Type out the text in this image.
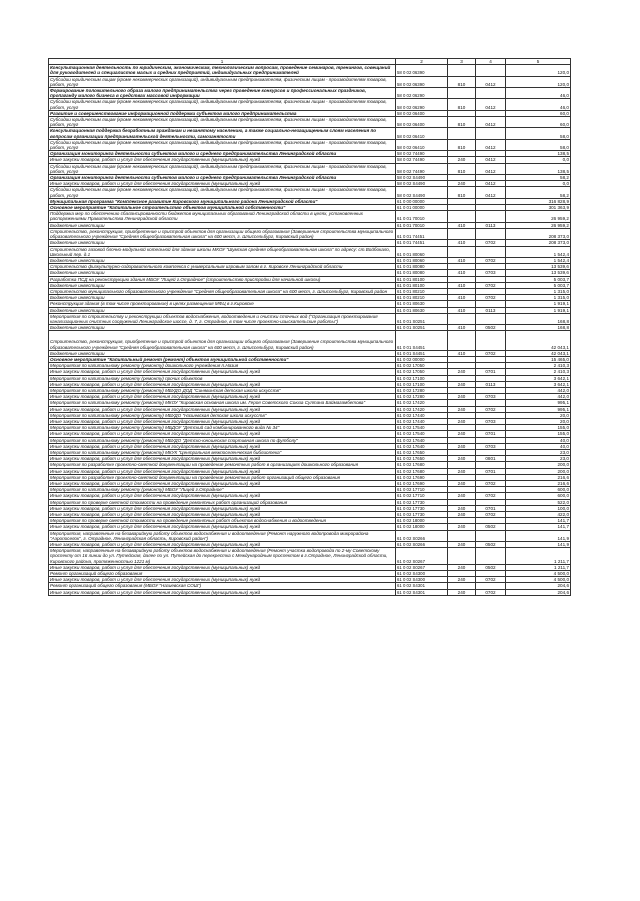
1	2	3	4	5
Консультационная деятельность по юридическим, экономическим, технологическим вопросам, проведение семинаров, тренингов, совещаний для руководителей и специалистов малых и средних предприятий, индивидуальных предпринимателей	58 0 02 06390			120,0
Субсидии юридическим лицам (кроме некоммерческих организаций), индивидуальным предпринимателям, физическим лицам - производителям товаров, работ, услуг	58 0 02 06390	810	0412	120,0
Формирование положительного образа малого предпринимательства через проведение конкурсов и профессиональных праздников, пропаганду малого бизнеса в средствах массовой информации	58 0 02 06290			46,0
Субсидии юридическим лицам (кроме некоммерческих организаций), индивидуальным предпринимателям, физическим лицам - производителям товаров, работ, услуг	58 0 02 06290	810	0412	46,0
Развитие и совершенствование информационной поддержки субъектов малого предпринимательства	58 0 02 06400			60,0
Субсидии юридическим лицам (кроме некоммерческих организаций), индивидуальным предпринимателям, физическим лицам - производителям товаров, работ, услуг	58 0 02 06400	810	0412	60,0
Консультационная поддержка безработным гражданам и незанятому населению, а также социально-незащищенным слоям населения по вопросам организации предпринимательской деятельности, самозанятости	58 0 02 06410			58,0
Субсидии юридическим лицам (кроме некоммерческих организаций), индивидуальным предпринимателям, физическим лицам - производителям товаров, работ, услуг	58 0 02 06410	810	0412	58,0
Организация мониторинга деятельности субъектов малого и среднего предпринимательства Ленинградской области	58 0 02 74490			138,5
Иные закупки товаров, работ и услуг для обеспечения государственных (муниципальных) нужд	58 0 02 74490	240	0412	0,0
Субсидии юридическим лицам (кроме некоммерческих организаций), индивидуальным предпринимателям, физическим лицам - производителям товаров, работ, услуг	58 0 02 74490	810	0412	138,5
Организация мониторинга деятельности субъектов малого и среднего предпринимательства Ленинградской области	58 0 02 S4490			58,2
Иные закупки товаров, работ и услуг для обеспечения государственных (муниципальных) нужд	58 0 02 S4490	240	0412	0,0
Субсидии юридическим лицам (кроме некоммерческих организаций), индивидуальным предпринимателям, физическим лицам - производителям товаров, работ, услуг	58 0 02 S4490	810	0412	58,2
Муниципальная программа "Комплексное развитие Кировского муниципального района Ленинградской области"	61 0 00 00000			316 828,9
Основное мероприятие "Капитальное строительство объектов муниципальной собственности"	61 0 01 00000			301 363,9
Поддержка мер по обеспечению сбалансированности бюджетов муниципальных образований Ленинградской области в целях, установленных распоряжениями Правительства Ленинградской области	61 0 01 70010			26 959,2
Бюджетные инвестиции	61 0 01 70010	410	0113	26 959,2
Строительство, реконструкция, приобретение и пристрой объектов для организации общего образования (Завершение строительства муниципального образовательного учреждения "Средняя общеобразовательная школа" на 600 мест, г. Шлиссельбург, Кировский район)	61 0 01 74451			208 373,0
Бюджетные инвестиции	61 0 01 74451	410	0702	208 373,0
Строительство газовой блочно-модульной котельной для здания школы МКОУ "Шумская средняя общеобразовательная школа" по адресу: ст.Войбокало, Школьный пер. д.1	61 0 01 80060			1 542,4
Бюджетные инвестиции	61 0 01 80060	410	0702	1 542,4
Строительство физкультурно-оздоровительного комплекса с универсальным игровым залом в г. Кировске Ленинградской области	61 0 01 80080			13 539,6
Бюджетные инвестиции	61 0 01 80080	410	0703	13 539,6
Разработка ПСД на реконструкцию здания МБОУ "Лицей г.Отрадное" (строительство пристройки для начальной школы)	61 0 01 80100			5 003,7
Бюджетные инвестиции	61 0 01 80100	410	0702	5 003,7
Строительство муниципального образовательного учреждения "Средняя общеобразовательная школа" на 600 мест, г. Шлиссельбург, Кировский район	61 0 01 80210			1 315,0
Бюджетные инвестиции	61 0 01 80210	410	0702	1 315,0
Реконструкция здания (в том числе проектирование) в целях размещения МФЦ в г.Кировске	61 0 01 80630			1 919,1
Бюджетные инвестиции	61 0 01 80630	410	0113	1 919,1
Мероприятия по строительству и реконструкции объектов водоснабжения, водоотведения и очистки сточных вод ("Организация проектирования канализационных очистных сооружений Ленинградское шоссе, д. 7, г. Отрадное, в том числе проектно-изыскательские работы")	61 0 01 S0251			168,8
Бюджетные инвестиции	61 0 01 S0251	410	0502	168,8
Строительство, реконструкция, приобретение и пристрой объектов для организации общего образования (Завершение строительства муниципального образовательного учреждения "Средняя общеобразовательная школа" на 600 мест, г. Шлиссельбург, Кировский район)	61 0 01 S4451			42 043,1
Бюджетные инвестиции	61 0 01 S4451	410	0702	42 043,1
Основное мероприятие "Капитальный ремонт (ремонт) объектов муниципальной собственности"	61 0 02 00000			15 465,0
Мероприятия по капитальному ремонту (ремонту) дошкольного учреждения п.Назия	61 0 02 17050			2 410,3
Иные закупки товаров, работ и услуг для обеспечения государственных (муниципальных) нужд	61 0 02 17050	240	0701	2 410,3
Мероприятия по капитальному ремонту (ремонту) прочих объектов	61 0 02 17100			3 642,1
Иные закупки товаров, работ и услуг для обеспечения государственных (муниципальных) нужд	61 0 02 17100	240	0113	3 642,1
Мероприятия по капитальному ремонту (ремонту) МБУДО ДОД "Синявинская детская школа искусств"	61 0 02 17280			442,0
Иные закупки товаров, работ и услуг для обеспечения государственных (муниципальных) нужд	61 0 02 17280	240	0703	442,0
Мероприятия по капитальному ремонту (ремонту) МКОУ "Кировская основная школа им. Героя Советского Союза Султана Баймагамбетова"	61 0 02 17420			995,1
Иные закупки товаров, работ и услуг для обеспечения государственных (муниципальных) нужд	61 0 02 17420	240	0702	995,1
Мероприятия по капитальному ремонту (ремонту) МБУДО "Назиевская детская школа искусств"	61 0 02 17440			20,0
Иные закупки товаров, работ и услуг для обеспечения государственных (муниципальных) нужд	61 0 02 17440	240	0703	20,0
Мероприятия по капитальному ремонту (ремонту) МБДОУ "Детский сад комбинированного вида № 34"	61 0 02 17540			155,0
Иные закупки товаров, работ и услуг для обеспечения государственных (муниципальных) нужд	61 0 02 17540	240	0701	155,0
Мероприятия по капитальному ремонту (ремонту) МБУДО "Детско-юношеская спортивная школа по футболу"	61 0 02 17640			40,0
Иные закупки товаров, работ и услуг для обеспечения государственных (муниципальных) нужд	61 0 02 17640	240	0703	40,0
Мероприятия по капитальному ремонту (ремонту) МКУК "Центральная межпоселенческая библиотека"	61 0 02 17650			23,0
Иные закупки товаров, работ и услуг для обеспечения государственных (муниципальных) нужд	61 0 02 17650	240	0801	23,0
Мероприятия по разработке проектно-сметной документации на проведение ремонтных работ в организациях дошкольного образования	61 0 02 17680			200,0
Иные закупки товаров, работ и услуг для обеспечения государственных (муниципальных) нужд	61 0 02 17680	240	0701	200,0
Мероприятия по разработке проектно-сметной документации на проведение ремонтных работ организаций общего образования	61 0 02 17690			216,6
Иные закупки товаров, работ и услуг для обеспечения государственных (муниципальных) нужд	61 0 02 17690	240	0702	216,6
Мероприятия по капитальному ремонту (ремонту) МБОУ "Лицей г.Отрадное"	61 0 02 17710			600,0
Иные закупки товаров, работ и услуг для обеспечения государственных (муниципальных) нужд	61 0 02 17710	240	0702	600,0
Мероприятия по проверке сметной стоимости на проведение ремонтных работ организаций образования	61 0 02 17730			522,0
Иные закупки товаров, работ и услуг для обеспечения государственных (муниципальных) нужд	61 0 02 17730	240	0701	100,0
Иные закупки товаров, работ и услуг для обеспечения государственных (муниципальных) нужд	61 0 02 17730	240	0702	422,0
Мероприятия по проверке сметной стоимости на проведение ремонтных работ объектов водоснабжения и водоотведения	61 0 02 18000			141,7
Иные закупки товаров, работ и услуг для обеспечения государственных (муниципальных) нужд	61 0 02 18000	240	0502	141,7
Мероприятия, направленные на безаварийную работу объектов водоснабжения и водоотведения (Ремонт наружного водопровода микрорайона "Аэропоселок", г. Отрадное, Ленинградская область, Кировский район")	61 0 02 S0266			141,9
Иные закупки товаров, работ и услуг для обеспечения государственных (муниципальных) нужд	61 0 02 S0266	240	0502	141,9
Мероприятия, направленные на безаварийную работу объектов водоснабжения и водоотведения (Ремонт участка водопровода по 2-му Советскому проспекту от 16 линии до ул. Путейская, далее по ул. Путейская до перекрестка с Международным проспектом в г.Отрадное, Ленинградской области, Кировского района, протяженностью 1221 м)	61 0 02 S0267			1 211,7
Иные закупки товаров, работ и услуг для обеспечения государственных (муниципальных) нужд	61 0 02 S0267	240	0502	1 211,7
Ремонт организаций общего образования	61 0 02 S4300			4 500,0
Иные закупки товаров, работ и услуг для обеспечения государственных (муниципальных) нужд	61 0 02 S4300	240	0702	4 500,0
Ремонт организаций общего образования (МБОУ "Назиевская СОШ")	61 0 02 S4301			204,6
Иные закупки товаров, работ и услуг для обеспечения государственных (муниципальных) нужд	61 0 02 S4301	240	0702	204,6
